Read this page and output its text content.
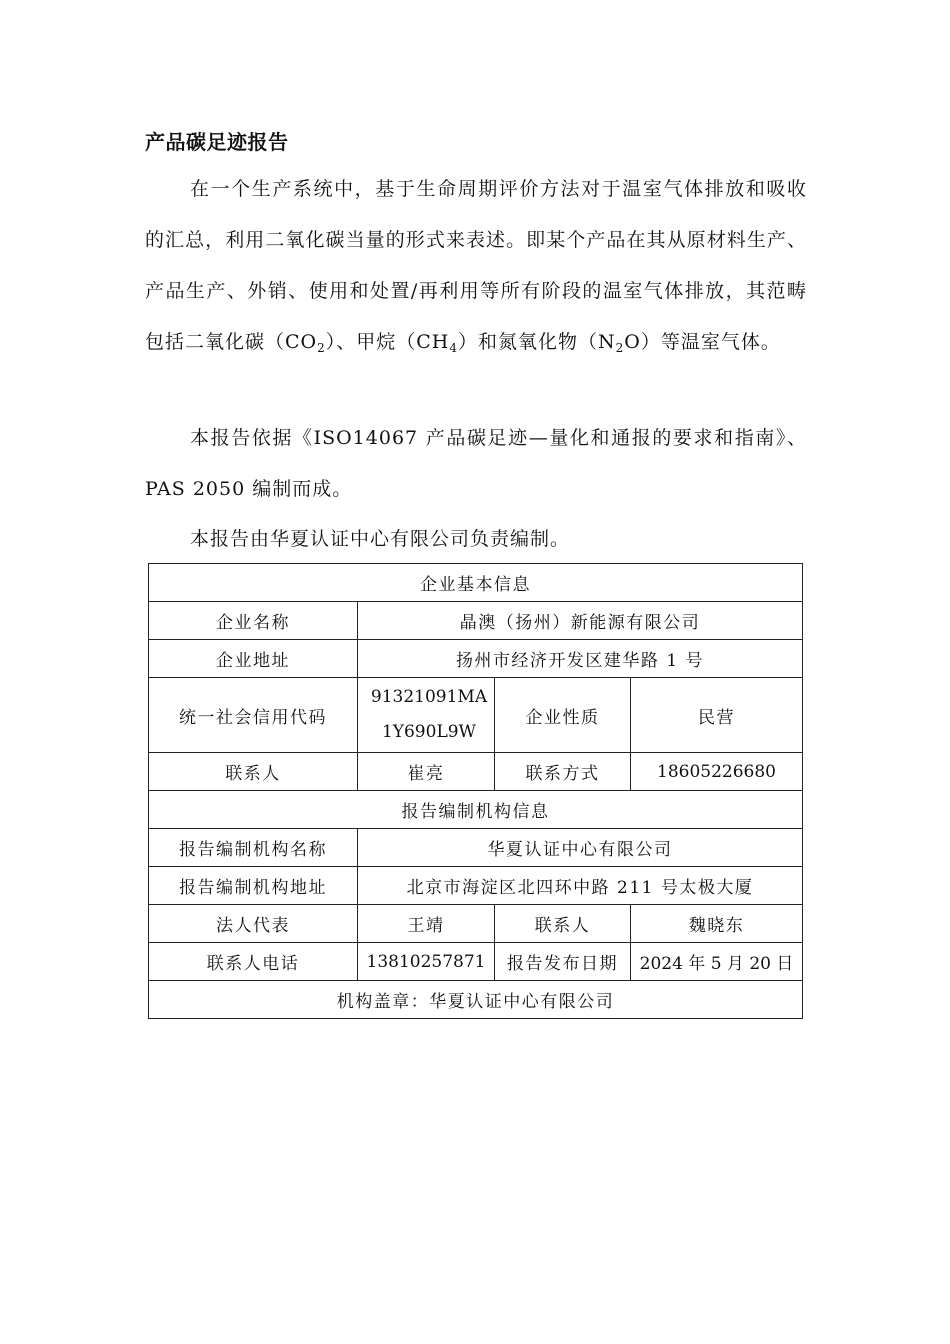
产品碳足迹报告
在一个生产系统中，基于生命周期评价方法对于温室气体排放和吸收的汇总，利用二氧化碳当量的形式来表述。即某个产品在其从原材料生产、产品生产、外销、使用和处置/再利用等所有阶段的温室气体排放，其范畴包括二氧化碳$(CO_2)$、甲烷$(CH_4)$和氮氧化物$(N_2O)$等温室气体。
本报告依据《ISO14067 产品碳足迹—量化和通报的要求和指南》、PAS 2050 编制而成。
本报告由华夏认证中心有限公司负责编制。
企业基本信息			
企业名称	晶澳（扬州）新能源有限公司		
企业地址	扬州市经济开发区建华路 1 号		
统一社会信用代码	91321091MA1Y690L9W	企业性质	民营
联系人	崔亮	联系方式	18605226680
报告编制机构信息			
报告编制机构名称	华夏认证中心有限公司		
报告编制机构地址	北京市海淀区北四环中路 211 号太极大厦		
法人代表	王靖	联系人	魏晓东
联系人电话	13810257871	报告发布日期	2024 年 5 月 20 日
机构盖章：华夏认证中心有限公司			
